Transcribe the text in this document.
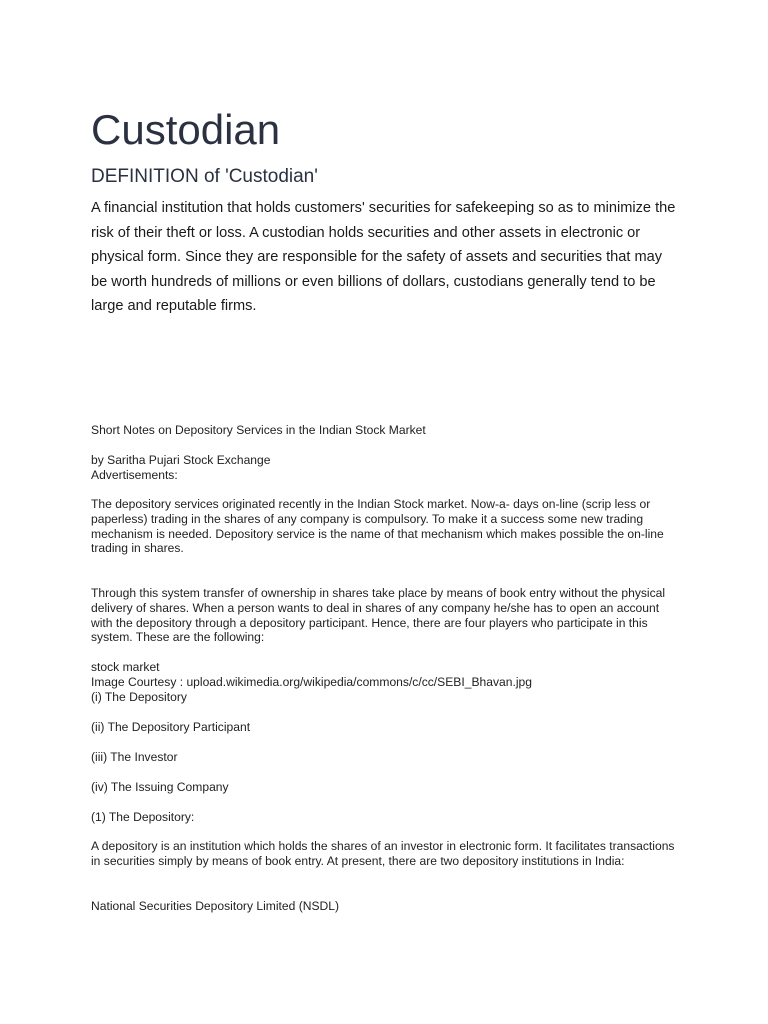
Custodian
DEFINITION of 'Custodian'

A financial institution that holds customers' securities for safekeeping so as to minimize the risk of their theft or loss. A custodian holds securities and other assets in electronic or physical form. Since they are responsible for the safety of assets and securities that may be worth hundreds of millions or even billions of dollars, custodians generally tend to be large and reputable firms.

Short Notes on Depository Services in the Indian Stock Market

by Saritha Pujari Stock Exchange

Advertisements:

The depository services originated recently in the Indian Stock market. Now-a- days on-line (scrip less or paperless) trading in the shares of any company is compulsory. To make it a success some new trading mechanism is needed. Depository service is the name of that mechanism which makes possible the on-line trading in shares.

Through this system transfer of ownership in shares take place by means of book entry without the physical delivery of shares. When a person wants to deal in shares of any company he/she has to open an account with the depository through a depository participant. Hence, there are four players who participate in this system. These are the following:

stock market

Image Courtesy : upload.wikimedia.org/wikipedia/commons/c/cc/SEBI_Bhavan.jpg

(i) The Depository

(ii) The Depository Participant

(iii) The Investor

(iv) The Issuing Company

(1) The Depository:

A depository is an institution which holds the shares of an investor in electronic form. It facilitates transactions in securities simply by means of book entry. At present, there are two depository institutions in India:

National Securities Depository Limited (NSDL)
